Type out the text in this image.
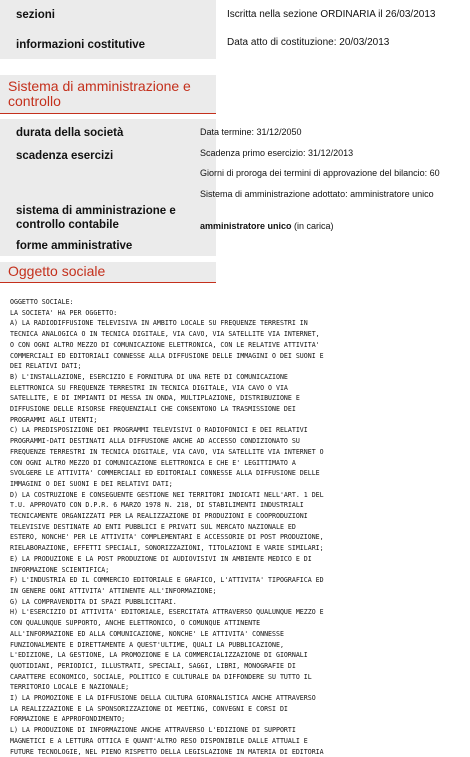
sezioni	Iscritta nella sezione ORDINARIA il 26/03/2013
informazioni costitutive	Data atto di costituzione: 20/03/2013
Sistema di amministrazione e controllo
durata della società
scadenza esercizi
sistema di amministrazione e controllo contabile
forme amministrative
Data termine: 31/12/2050
Scadenza primo esercizio: 31/12/2013
Giorni di proroga dei termini di approvazione del bilancio: 60
Sistema di amministrazione adottato: amministratore unico
amministratore unico (in carica)
Oggetto sociale
OGGETTO SOCIALE:
LA SOCIETA' HA PER OGGETTO:
A) LA RADIODIFFUSIONE TELEVISIVA IN AMBITO LOCALE SU FREQUENZE TERRESTRI IN
TECNICA ANALOGICA O IN TECNICA DIGITALE, VIA CAVO, VIA SATELLITE VIA INTERNET,
O CON OGNI ALTRO MEZZO DI COMUNICAZIONE ELETTRONICA, CON LE RELATIVE ATTIVITA'
COMMERCIALI ED EDITORIALI CONNESSE ALLA DIFFUSIONE DELLE IMMAGINI O DEI SUONI E
DEI RELATIVI DATI;
B) L'INSTALLAZIONE, ESERCIZIO E FORNITURA DI UNA RETE DI COMUNICAZIONE
ELETTRONICA SU FREQUENZE TERRESTRI IN TECNICA DIGITALE, VIA CAVO O VIA
SATELLITE, E DI IMPIANTI DI MESSA IN ONDA, MULTIPLAZIONE, DISTRIBUZIONE E
DIFFUSIONE DELLE RISORSE FREQUENZIALI CHE CONSENTONO LA TRASMISSIONE DEI
PROGRAMMI AGLI UTENTI;
C) LA PREDISPOSIZIONE DEI PROGRAMMI TELEVISIVI O RADIOFONICI E DEI RELATIVI
PROGRAMMI-DATI DESTINATI ALLA DIFFUSIONE ANCHE AD ACCESSO CONDIZIONATO SU
FREQUENZE TERRESTRI IN TECNICA DIGITALE, VIA CAVO, VIA SATELLITE VIA INTERNET O
CON OGNI ALTRO MEZZO DI COMUNICAZIONE ELETTRONICA E CHE E' LEGITTIMATO A
SVOLGERE LE ATTIVITA' COMMERCIALI ED EDITORIALI CONNESSE ALLA DIFFUSIONE DELLE
IMMAGINI O DEI SUONI E DEI RELATIVI DATI;
D) LA COSTRUZIONE E CONSEGUENTE GESTIONE NEI TERRITORI INDICATI NELL'ART. 1 DEL
T.U. APPROVATO CON D.P.R. 6 MARZO 1978 N. 218, DI STABILIMENTI INDUSTRIALI
TECNICAMENTE ORGANIZZATI PER LA REALIZZAZIONE DI PRODUZIONI E COOPRODUZIONI
TELEVISIVE DESTINATE AD ENTI PUBBLICI E PRIVATI SUL MERCATO NAZIONALE ED
ESTERO, NONCHE' PER LE ATTIVITA' COMPLEMENTARI E ACCESSORIE DI POST PRODUZIONE,
RIELABORAZIONE, EFFETTI SPECIALI, SONORIZZAZIONI, TITOLAZIONI E VARIE SIMILARI;
E) LA PRODUZIONE E LA POST PRODUZIONE DI AUDIOVISIVI IN AMBIENTE MEDICO E DI
INFORMAZIONE SCIENTIFICA;
F) L'INDUSTRIA ED IL COMMERCIO EDITORIALE E GRAFICO, L'ATTIVITA' TIPOGRAFICA ED
IN GENERE OGNI ATTIVITA' ATTINENTE ALL'INFORMAZIONE;
G) LA COMPRAVENDITA DI SPAZI PUBBLICITARI.
H) L'ESERCIZIO DI ATTIVITA' EDITORIALE, ESERCITATA ATTRAVERSO QUALUNQUE MEZZO E
CON QUALUNQUE SUPPORTO, ANCHE ELETTRONICO, O COMUNQUE ATTINENTE
ALL'INFORMAZIONE ED ALLA COMUNICAZIONE, NONCHE' LE ATTIVITA' CONNESSE
FUNZIONALMENTE E DIRETTAMENTE A QUEST'ULTIME, QUALI LA PUBBLICAZIONE,
L'EDIZIONE, LA GESTIONE, LA PROMOZIONE E LA COMMERCIALIZZAZIONE DI GIORNALI
QUOTIDIANI, PERIODICI, ILLUSTRATI, SPECIALI, SAGGI, LIBRI, MONOGRAFIE DI
CARATTERE ECONOMICO, SOCIALE, POLITICO E CULTURALE DA DIFFONDERE SU TUTTO IL
TERRITORIO LOCALE E NAZIONALE;
I) LA PROMOZIONE E LA DIFFUSIONE DELLA CULTURA GIORNALISTICA ANCHE ATTRAVERSO
LA REALIZZAZIONE E LA SPONSORIZZAZIONE DI MEETING, CONVEGNI E CORSI DI
FORMAZIONE E APPROFONDIMENTO;
L) LA PRODUZIONE DI INFORMAZIONE ANCHE ATTRAVERSO L'EDIZIONE DI SUPPORTI
MAGNETICI E A LETTURA OTTICA E QUANT'ALTRO RESO DISPONIBILE DALLE ATTUALI E
FUTURE TECNOLOGIE, NEL PIENO RISPETTO DELLA LEGISLAZIONE IN MATERIA DI EDITORIA
